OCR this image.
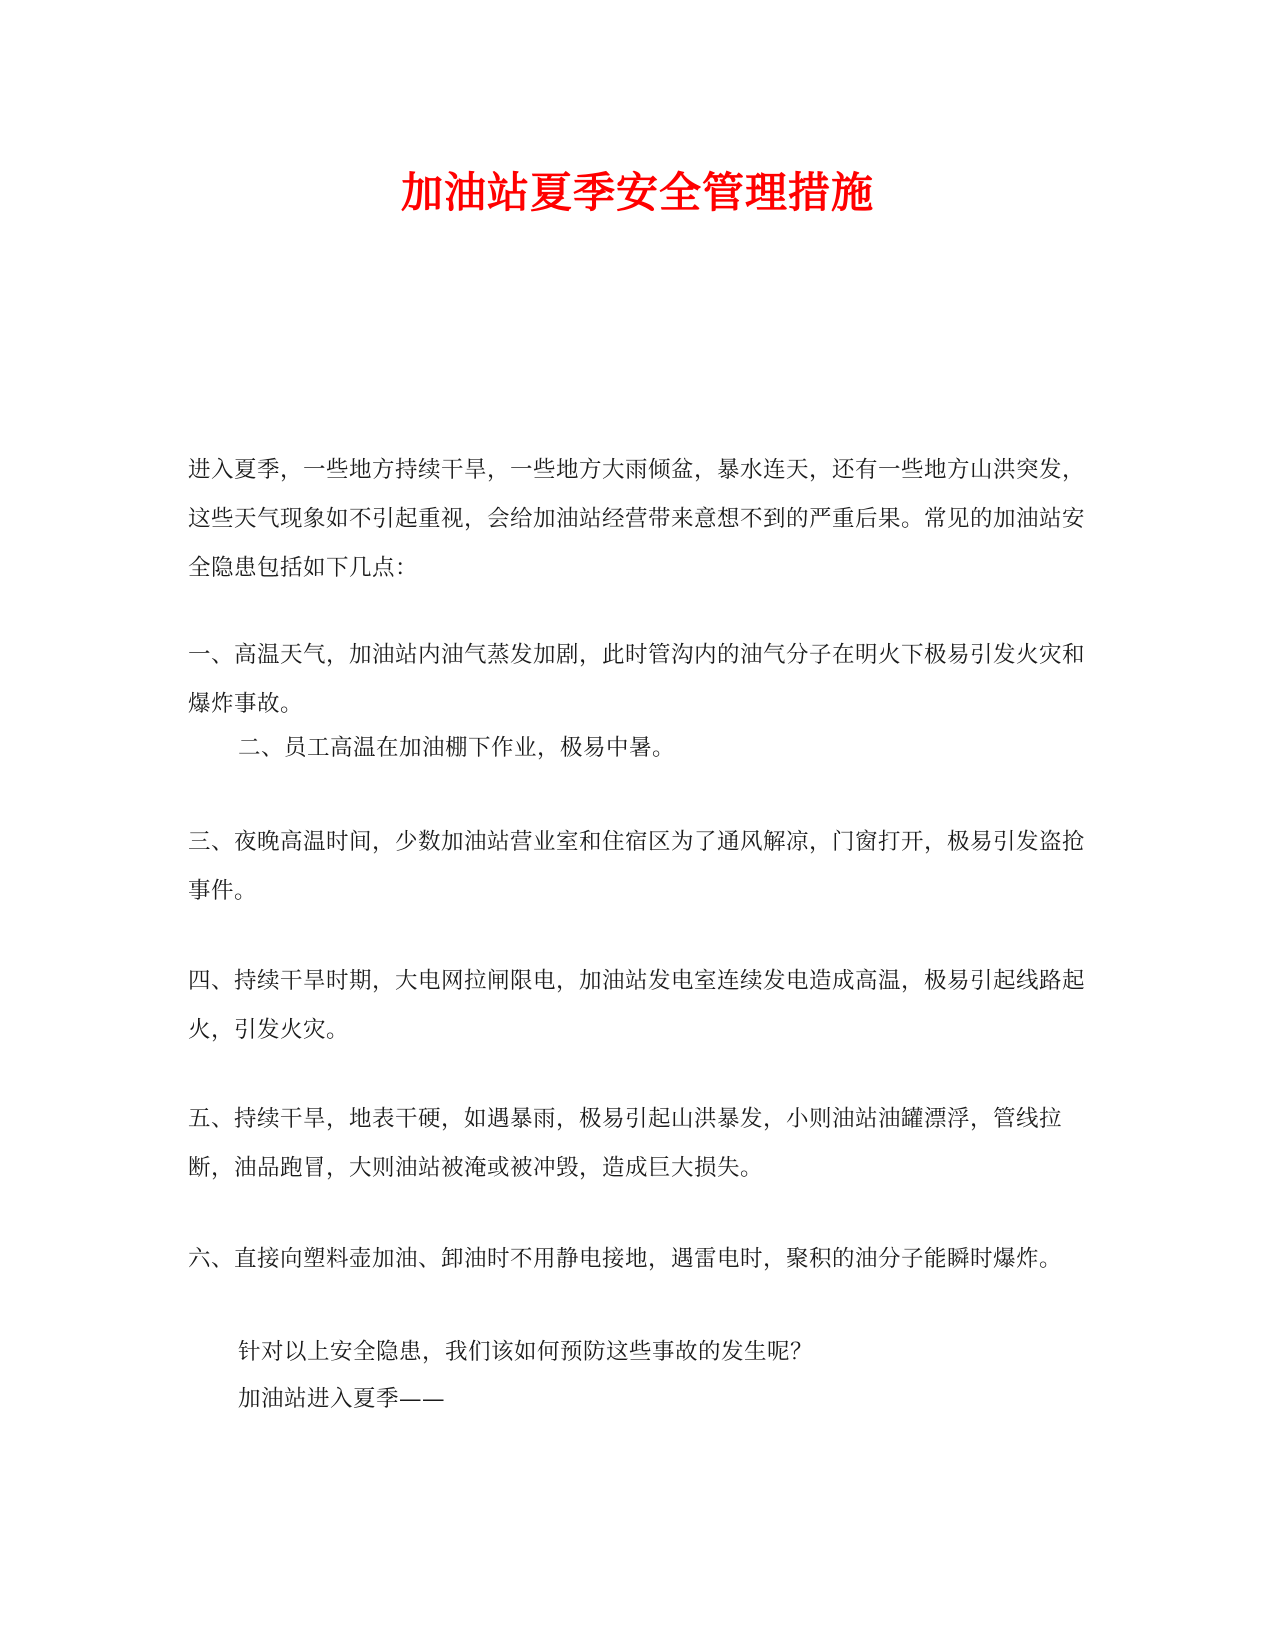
加油站夏季安全管理措施

进入夏季，一些地方持续干旱，一些地方大雨倾盆，暴水连天，还有一些地方山洪突发，这些天气现象如不引起重视，会给加油站经营带来意想不到的严重后果。常见的加油站安全隐患包括如下几点：

一、高温天气，加油站内油气蒸发加剧，此时管沟内的油气分子在明火下极易引发火灾和爆炸事故。

二、员工高温在加油棚下作业，极易中暑。

三、夜晚高温时间，少数加油站营业室和住宿区为了通风解凉，门窗打开，极易引发盗抢事件。

四、持续干旱时期，大电网拉闸限电，加油站发电室连续发电造成高温，极易引起线路起火，引发火灾。

五、持续干旱，地表干硬，如遇暴雨，极易引起山洪暴发，小则油站油罐漂浮，管线拉断，油品跑冒，大则油站被淹或被冲毁，造成巨大损失。

六、直接向塑料壶加油、卸油时不用静电接地，遇雷电时，聚积的油分子能瞬时爆炸。

针对以上安全隐患，我们该如何预防这些事故的发生呢？

加油站进入夏季——
